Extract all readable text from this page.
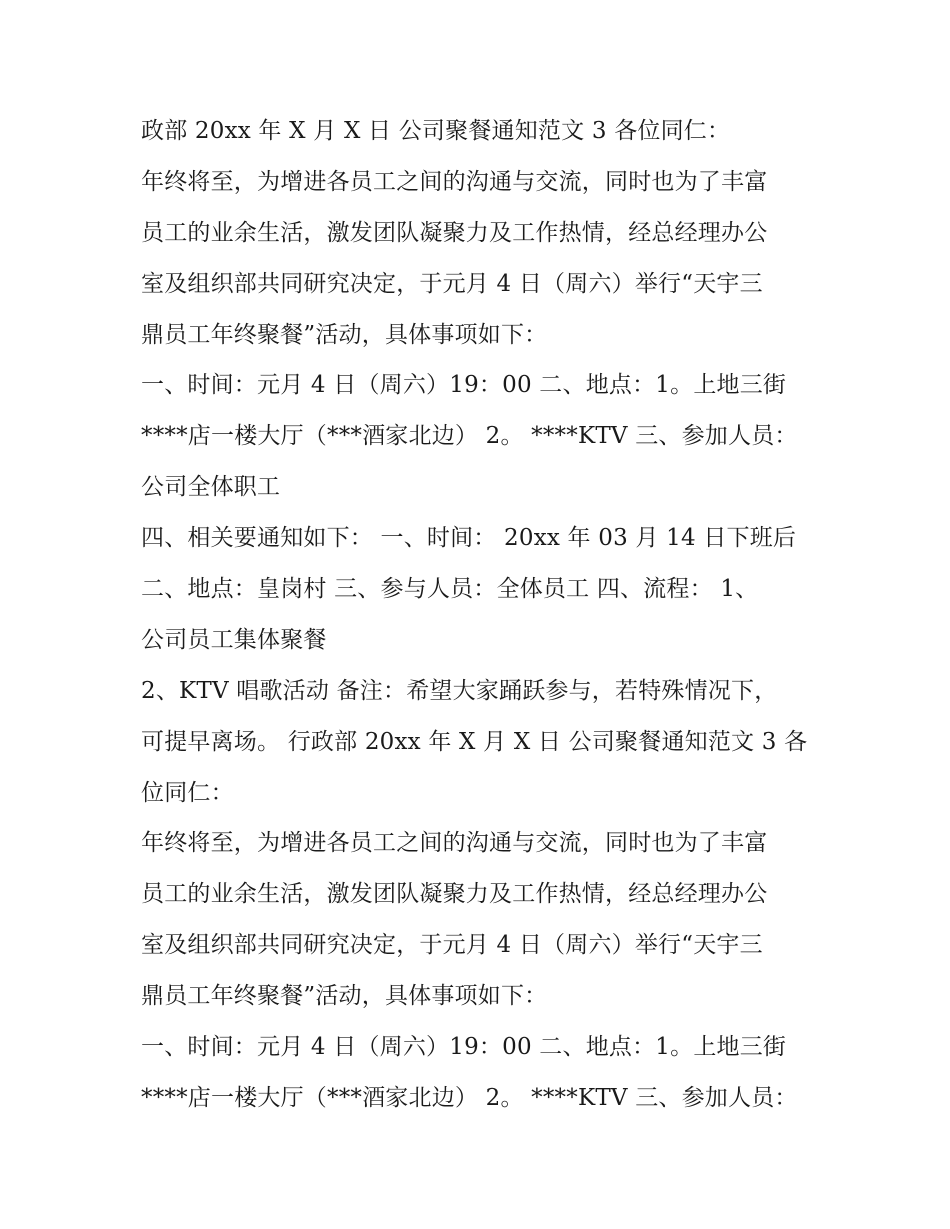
政部 20xx 年 X 月 X 日 公司聚餐通知范文 3 各位同仁：
年终将至，为增进各员工之间的沟通与交流，同时也为了丰富
员工的业余生活，激发团队凝聚力及工作热情，经总经理办公
室及组织部共同研究决定，于元月 4 日（周六）举行“天宇三
鼎员工年终聚餐”活动，具体事项如下：
一、时间：元月 4 日（周六）19：00 二、地点：1。上地三街
****店一楼大厅（***酒家北边） 2。 ****KTV 三、参加人员：
公司全体职工
四、相关要通知如下： 一、时间： 20xx 年 03 月 14 日下班后
二、地点：皇岗村 三、参与人员：全体员工 四、流程： 1、
公司员工集体聚餐
2、KTV 唱歌活动 备注：希望大家踊跃参与，若特殊情况下，
可提早离场。 行政部 20xx 年 X 月 X 日 公司聚餐通知范文 3 各
位同仁：
年终将至，为增进各员工之间的沟通与交流，同时也为了丰富
员工的业余生活，激发团队凝聚力及工作热情，经总经理办公
室及组织部共同研究决定，于元月 4 日（周六）举行“天宇三
鼎员工年终聚餐”活动，具体事项如下：
一、时间：元月 4 日（周六）19：00 二、地点：1。上地三街
****店一楼大厅（***酒家北边） 2。 ****KTV 三、参加人员：
